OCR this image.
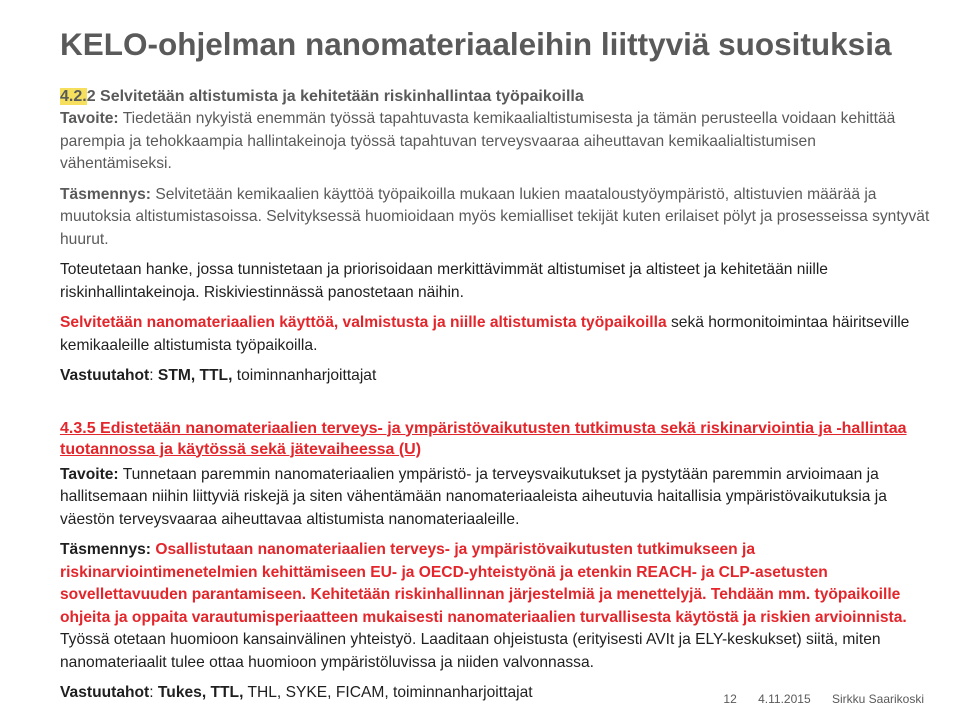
KELO-ohjelman nanomateriaaleihin liittyviä suosituksia
4.2.2 Selvitetään altistumista ja kehitetään riskinhallintaa työpaikoilla

Tavoite: Tiedetään nykyistä enemmän työssä tapahtuvasta kemikaalialtistumisesta ja tämän perusteella voidaan kehittää parempia ja tehokkaampia hallintakeinoja työssä tapahtuvan terveysvaaraa aiheuttavan kemikaalialtistumisen vähentämiseksi.

Täsmennys: Selvitetään kemikaalien käyttöä työpaikoilla mukaan lukien maataloustyöympäristö, altistuvien määrää ja muutoksia altistumistasoissa. Selvityksessä huomioidaan myös kemialliset tekijät kuten erilaiset pölyt ja prosesseissa syntyvät huurut.

Toteutetaan hanke, jossa tunnistetaan ja priorisoidaan merkittävimmät altistumiset ja altisteet ja kehitetään niille riskinhallintakeinoja. Riskiviestinnässä panostetaan näihin.

Selvitetään nanomateriaalien käyttöä, valmistusta ja niille altistumista työpaikoilla sekä hormonitoimintaa häiritseville kemikaaleille altistumista työpaikoilla.

Vastuutahot: STM, TTL, toiminnanharjoittajat

4.3.5 Edistetään nanomateriaalien terveys- ja ympäristövaikutusten tutkimusta sekä riskinarviointia ja -hallintaa tuotannossa ja käytössä sekä jätevaiheessa (U)

Tavoite: Tunnetaan paremmin nanomateriaalien ympäristö- ja terveysvaikutukset ja pystytään paremmin arvioimaan ja hallitsemaan niihin liittyviä riskejä ja siten vähentämään nanomateriaaleista aiheutuvia haitallisia ympäristövaikutuksia ja väestön terveysvaaraa aiheuttavaa altistumista nanomateriaaleille.

Täsmennys: Osallistutaan nanomateriaalien terveys- ja ympäristövaikutusten tutkimukseen ja riskinarviointimenetelmien kehittämiseen EU- ja OECD-yhteistyönä ja etenkin REACH- ja CLP-asetusten sovellettavuuden parantamiseen. Kehitetään riskinhallinnan järjestelmiä ja menettelyjä. Tehdään mm. työpaikoille ohjeita ja oppaita varautumisperiaatteen mukaisesti nanomateriaalien turvallisesta käytöstä ja riskien arvioinnista. Työssä otetaan huomioon kansainvälinen yhteistyö. Laaditaan ohjeistusta (erityisesti AVIt ja ELY-keskukset) siitä, miten nanomateriaalit tulee ottaa huomioon ympäristöluvissa ja niiden valvonnassa.

Vastuutahot: Tukes, TTL, THL, SYKE, FICAM, toiminnanharjoittajat	12 4.11.2015 Sirkku Saarikoski
